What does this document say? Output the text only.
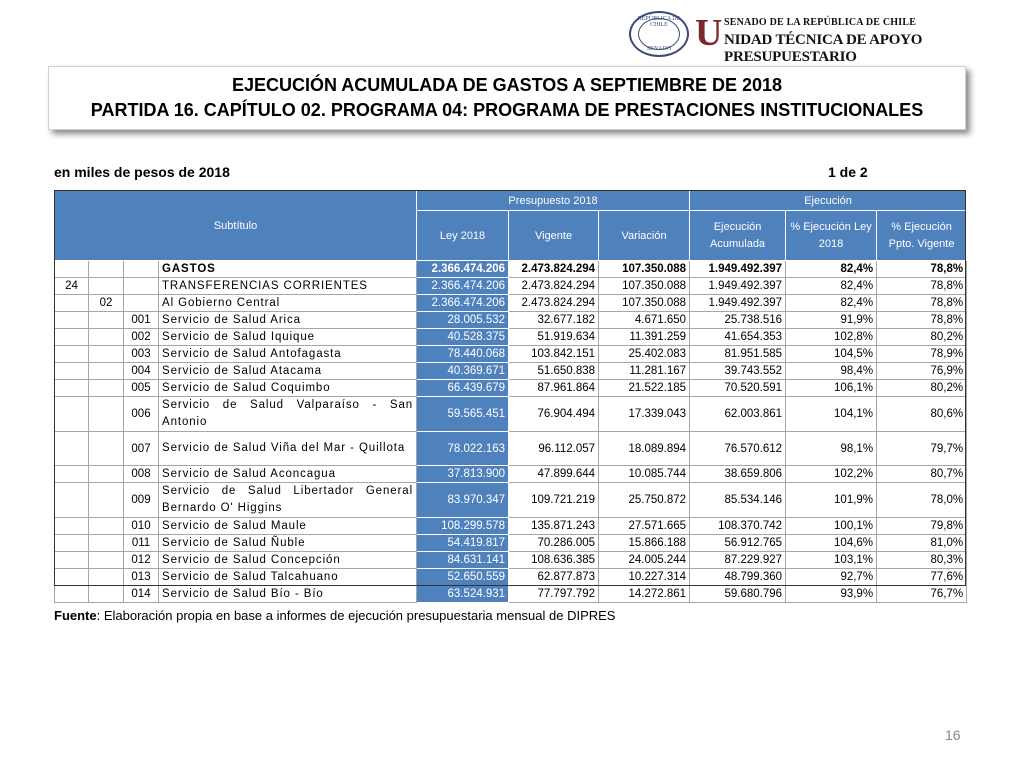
REPÚBLICA DE CHILE
SENADO U SENADO DE LA REPÚBLICA DE CHILE
NIDAD TÉCNICA DE APOYO PRESUPUESTARIO
EJECUCIÓN ACUMULADA DE GASTOS A SEPTIEMBRE DE 2018
PARTIDA 16. CAPÍTULO 02. PROGRAMA 04: PROGRAMA DE PRESTACIONES INSTITUCIONALES
en miles de pesos de 2018	1 de 2
Subtítulo				Presupuesto 2018			Ejecución		
				Ley 2018	Vigente	Variación	Ejecución Acumulada	% Ejecución Ley 2018	% Ejecución Ppto. Vigente
			GASTOS	2.366.474.206	2.473.824.294	107.350.088	1.949.492.397	82,4%	78,8%
24			TRANSFERENCIAS CORRIENTES	2.366.474.206	2.473.824.294	107.350.088	1.949.492.397	82,4%	78,8%
	02		Al Gobierno Central	2.366.474.206	2.473.824.294	107.350.088	1.949.492.397	82,4%	78,8%
		001	Servicio de Salud Arica	28.005.532	32.677.182	4.671.650	25.738.516	91,9%	78,8%
		002	Servicio de Salud Iquique	40.528.375	51.919.634	11.391.259	41.654.353	102,8%	80,2%
		003	Servicio de Salud Antofagasta	78.440.068	103.842.151	25.402.083	81.951.585	104,5%	78,9%
		004	Servicio de Salud Atacama	40.369.671	51.650.838	11.281.167	39.743.552	98,4%	76,9%
		005	Servicio de Salud Coquimbo	66.439.679	87.961.864	21.522.185	70.520.591	106,1%	80,2%
		006	Servicio de Salud Valparaíso - San Antonio	59.565.451	76.904.494	17.339.043	62.003.861	104,1%	80,6%
		007	Servicio de Salud Viña del Mar - Quillota	78.022.163	96.112.057	18.089.894	76.570.612	98,1%	79,7%
		008	Servicio de Salud Aconcagua	37.813.900	47.899.644	10.085.744	38.659.806	102,2%	80,7%
		009	Servicio de Salud Libertador General Bernardo O' Higgins	83.970.347	109.721.219	25.750.872	85.534.146	101,9%	78,0%
		010	Servicio de Salud Maule	108.299.578	135.871.243	27.571.665	108.370.742	100,1%	79,8%
		011	Servicio de Salud Ñuble	54.419.817	70.286.005	15.866.188	56.912.765	104,6%	81,0%
		012	Servicio de Salud Concepción	84.631.141	108.636.385	24.005.244	87.229.927	103,1%	80,3%
		013	Servicio de Salud Talcahuano	52.650.559	62.877.873	10.227.314	48.799.360	92,7%	77,6%
		014	Servicio de Salud Bío - Bío	63.524.931	77.797.792	14.272.861	59.680.796	93,9%	76,7%
Fuente: Elaboración propia en base a informes de ejecución presupuestaria mensual de DIPRES
16
